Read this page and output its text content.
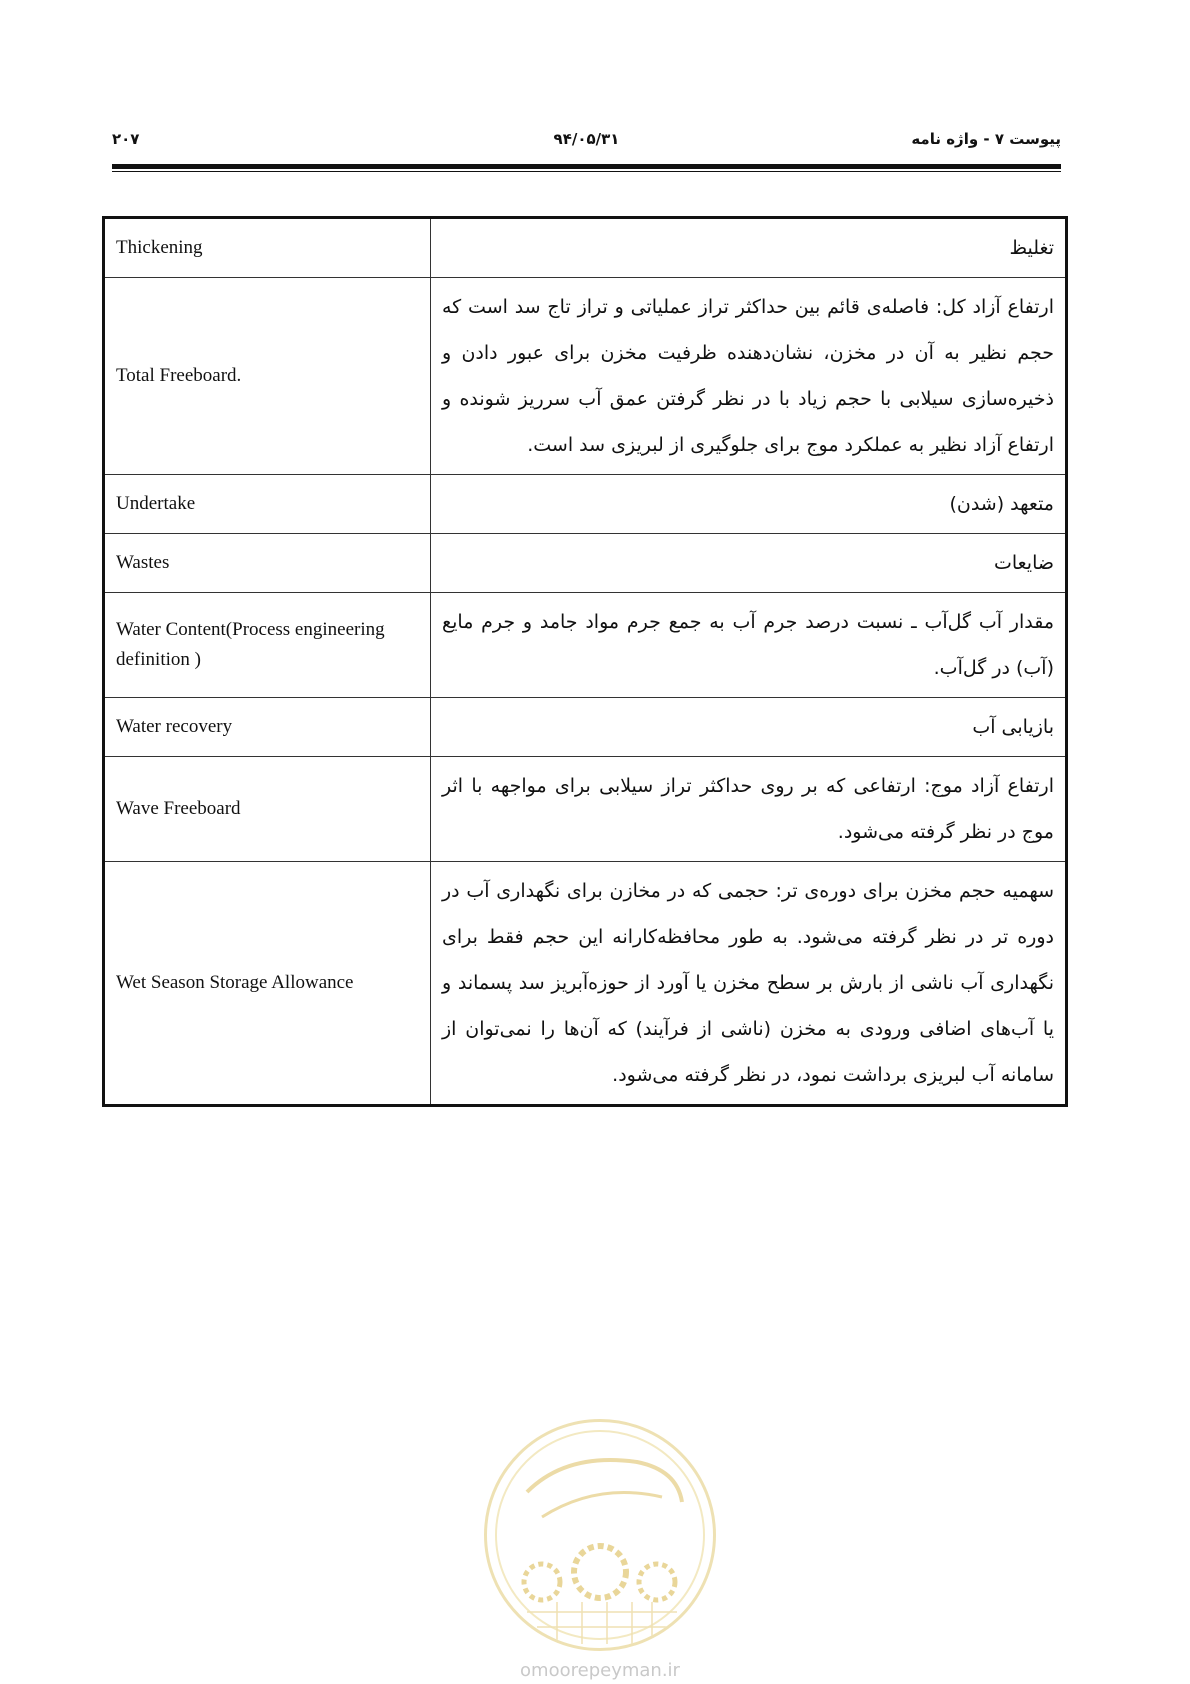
پیوست ۷ - واژه نامه
۹۴/۰۵/۳۱
۲۰۷
Thickening	تغلیظ
Total Freeboard.	ارتفاع آزاد کل: فاصله‌ی قائم بین حداکثر تراز عملیاتی و تراز تاج سد است که حجم نظیر به آن در مخزن، نشان‌دهنده ظرفیت مخزن برای عبور دادن و ذخیره‌سازی سیلابی با حجم زیاد با در نظر گرفتن عمق آب سرریز شونده و ارتفاع آزاد نظیر به عملکرد موج برای جلوگیری از لبریزی سد است.
Undertake	متعهد (شدن)
Wastes	ضایعات
Water Content(Process engineering definition )	مقدار آب گل‌آب ـ نسبت درصد جرم آب به جمع جرم مواد جامد و جرم مایع (آب) در گل‌آب.
Water recovery	بازیابی آب
Wave Freeboard	ارتفاع آزاد موج: ارتفاعی که بر روی حداکثر تراز سیلابی برای مواجهه با اثر موج در نظر گرفته می‌شود.
Wet Season Storage Allowance	سهمیه حجم مخزن برای دوره‌ی تر: حجمی که در مخازن برای نگهداری آب در دوره تر در نظر گرفته می‌شود. به طور محافظه‌کارانه این حجم فقط برای نگهداری آب ناشی از بارش بر سطح مخزن یا آورد از حوزه‌آبریز سد پسماند و یا آب‌های اضافی ورودی به مخزن (ناشی از فرآیند) که آن‌ها را نمی‌توان از سامانه آب لبریزی برداشت نمود، در نظر گرفته می‌شود.
omoorepeyman.ir
